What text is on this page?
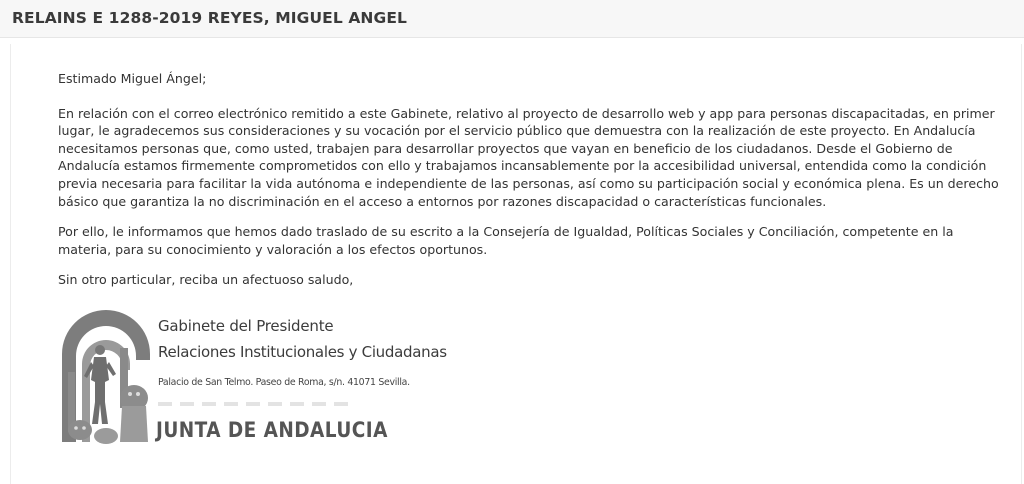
RELAINS E 1288-2019 REYES, MIGUEL ANGEL

Estimado Miguel Ángel;

En relación con el correo electrónico remitido a este Gabinete, relativo al proyecto de desarrollo web y app para personas discapacitadas, en primer lugar, le agradecemos sus consideraciones y su vocación por el servicio público que demuestra con la realización de este proyecto. En Andalucía necesitamos personas que, como usted, trabajen para desarrollar proyectos que vayan en beneficio de los ciudadanos. Desde el Gobierno de Andalucía estamos firmemente comprometidos con ello y trabajamos incansablemente por la accesibilidad universal, entendida como la condición previa necesaria para facilitar la vida autónoma e independiente de las personas, así como su participación social y económica plena. Es un derecho básico que garantiza la no discriminación en el acceso a entornos por razones discapacidad o características funcionales.

Por ello, le informamos que hemos dado traslado de su escrito a la Consejería de Igualdad, Políticas Sociales y Conciliación, competente en la materia, para su conocimiento y valoración a los efectos oportunos.

Sin otro particular, reciba un afectuoso saludo,

Gabinete del Presidente
Relaciones Institucionales y Ciudadanas
Palacio de San Telmo. Paseo de Roma, s/n. 41071 Sevilla.
JUNTA DE ANDALUCIA
